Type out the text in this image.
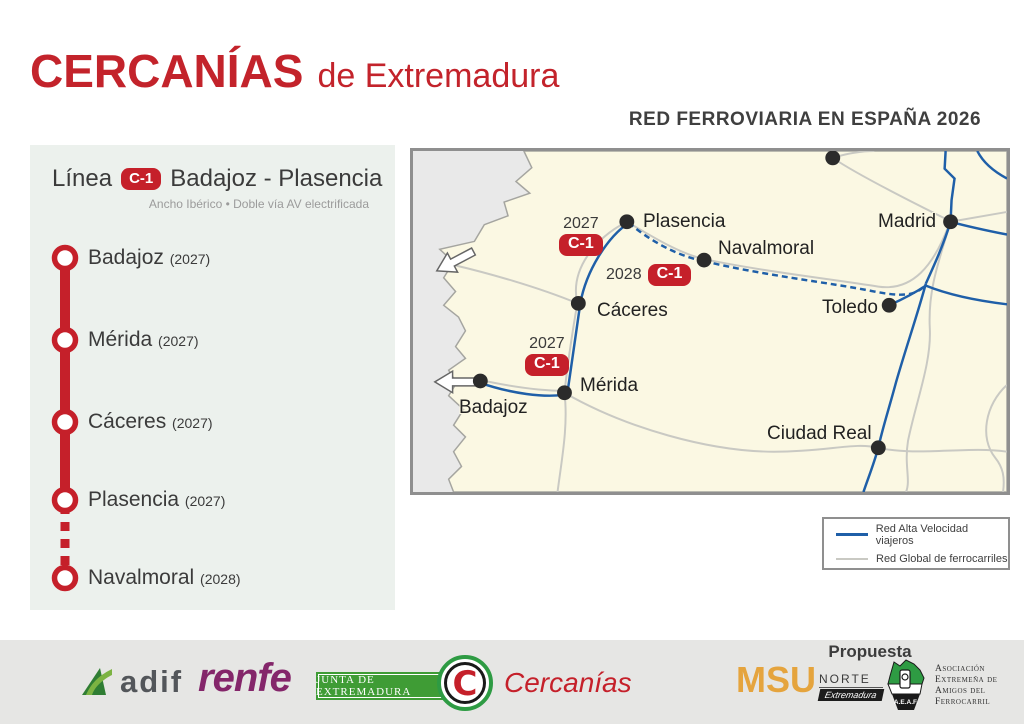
CERCANÍAS de Extremadura
RED FERROVIARIA EN ESPAÑA 2026
Línea	C-1 Badajoz - Plasencia
Ancho Ibérico • Doble vía AV electrificada
Badajoz (2027)
Mérida (2027)
Cáceres (2027)
Plasencia (2027)
Navalmoral (2028)
Plasencia
Navalmoral
Madrid
Toledo
Cáceres
Mérida
Badajoz
Ciudad Real
2027
C-1
2028 C-1
2027
C-1
Red Alta Velocidad viajeros
Red Global de ferrocarriles
adif renfe JUNTA DE EXTREMADURA	C Cercanías
Propuesta
MSU NORTE
Extremadura
A.E.A.F.
Asociación
Extremeña de
Amigos del
Ferrocarril
